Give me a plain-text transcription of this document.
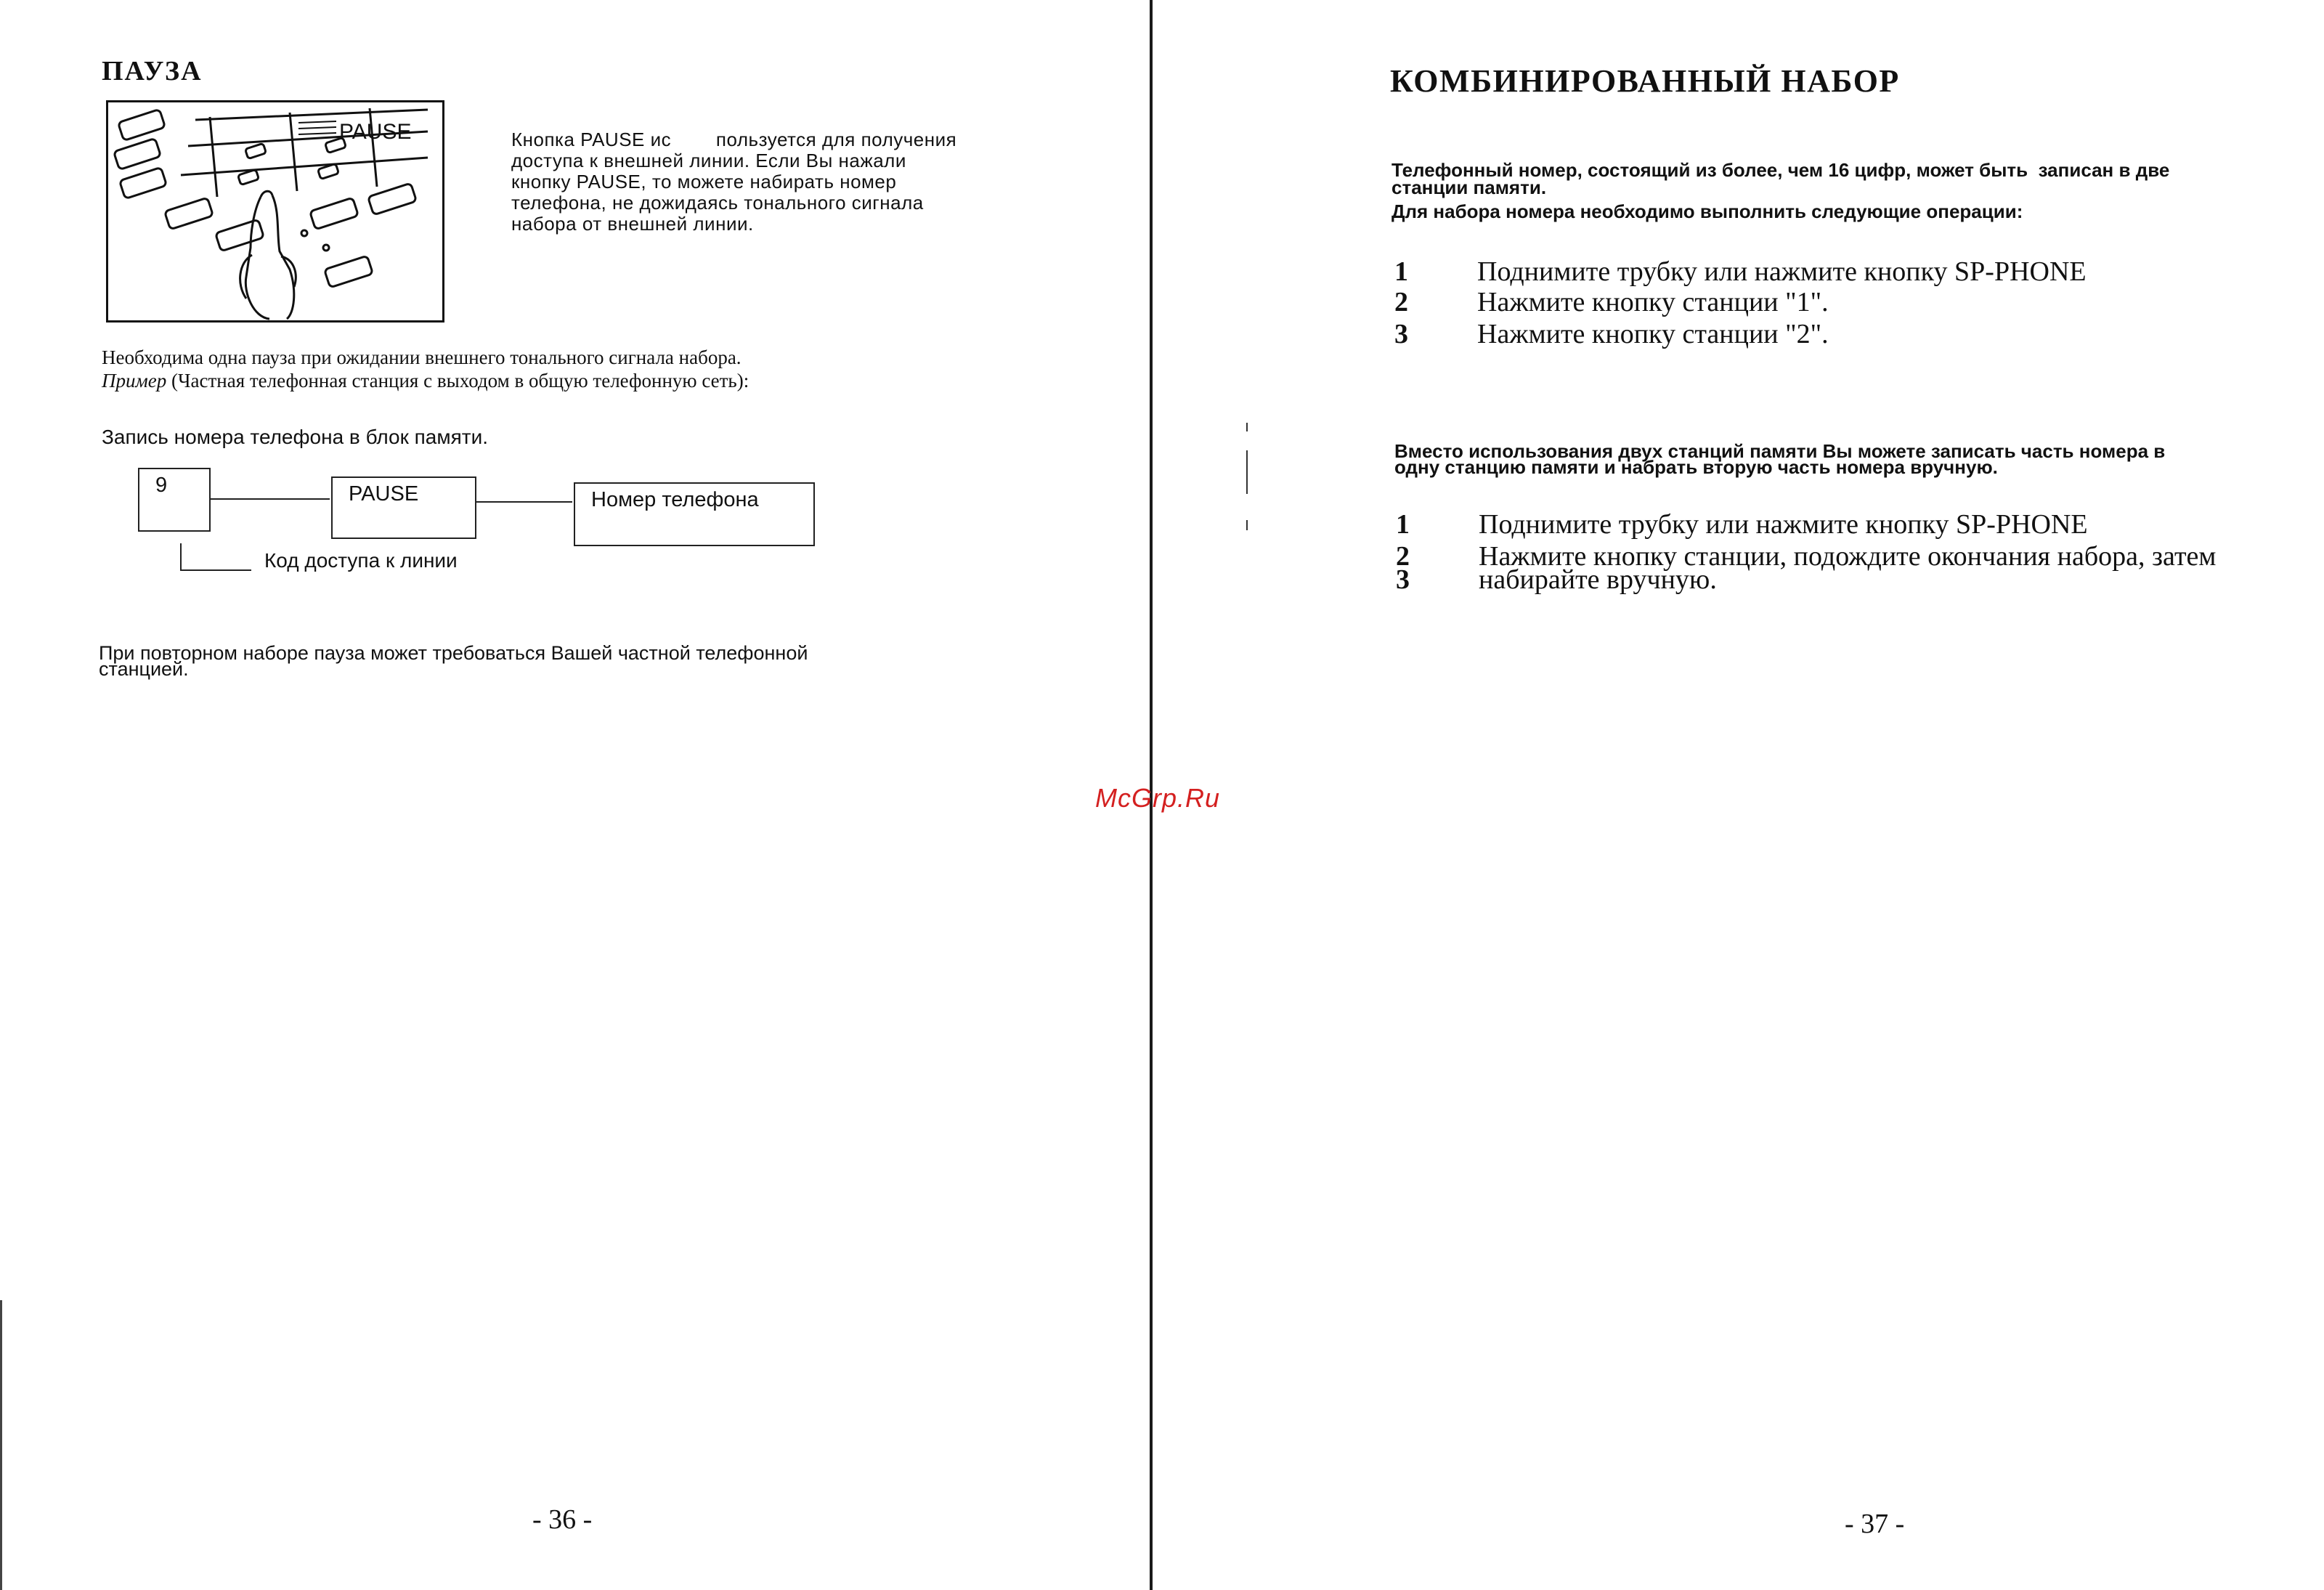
ПАУЗА
PAUSE	Кнопка PAUSE ис        пользуется для получения
доступа к внешней линии. Если Вы нажали
кнопку PAUSE, то можете набирать номер
телефона, не дожидаясь тонального сигнала
набора от внешней линии.
Необходима одна пауза при ожидании внешнего тонального сигнала набора.
Пример (Частная телефонная станция с выходом в общую телефонную сеть):
Запись номера телефона в блок памяти.
9	PAUSE	Номер телефона
Код доступа к линии
При повторном наборе пауза может требоваться Вашей частной телефонной
станцией.
- 36 -
КОМБИНИРОВАННЫЙ НАБОР
Телефонный номер, состоящий из более, чем 16 цифр, может быть  записан в две
станции памяти.
Для набора номера необходимо выполнить следующие операции:
1	Поднимите трубку или нажмите кнопку SP-PHONE
2	Нажмите кнопку станции "1".
3	Нажмите кнопку станции "2".
Вместо использования двух станций памяти Вы можете записать часть номера в
одну станцию памяти и набрать вторую часть номера вручную.
1	Поднимите трубку или нажмите кнопку SP-PHONE
2	Нажмите кнопку станции, подождите окончания набора, затем
3	набирайте вручную.
- 37 -
McGrp.Ru
